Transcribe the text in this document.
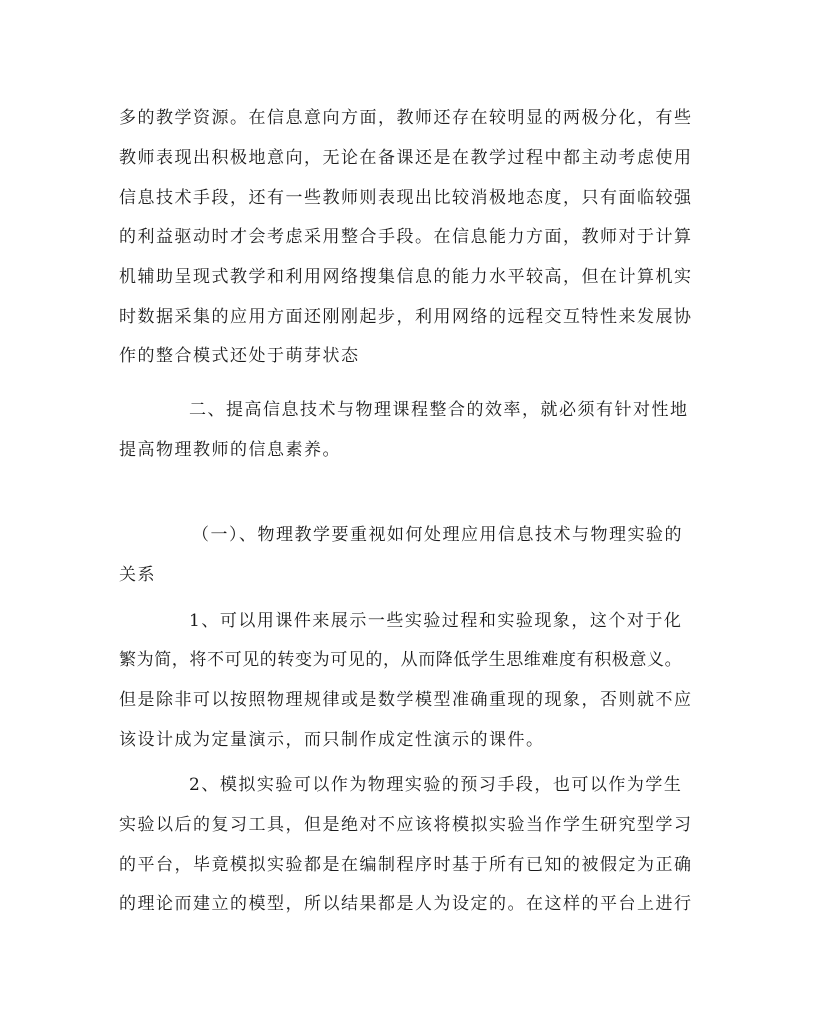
多的教学资源。在信息意向方面，教师还存在较明显的两极分化，有些
教师表现出积极地意向，无论在备课还是在教学过程中都主动考虑使用
信息技术手段，还有一些教师则表现出比较消极地态度，只有面临较强
的利益驱动时才会考虑采用整合手段。在信息能力方面，教师对于计算
机辅助呈现式教学和利用网络搜集信息的能力水平较高，但在计算机实
时数据采集的应用方面还刚刚起步，利用网络的远程交互特性来发展协
作的整合模式还处于萌芽状态
二、提高信息技术与物理课程整合的效率，就必须有针对性地
提高物理教师的信息素养。
（一）、物理教学要重视如何处理应用信息技术与物理实验的
关系
1、可以用课件来展示一些实验过程和实验现象，这个对于化
繁为简，将不可见的转变为可见的，从而降低学生思维难度有积极意义。
但是除非可以按照物理规律或是数学模型准确重现的现象，否则就不应
该设计成为定量演示，而只制作成定性演示的课件。
2、模拟实验可以作为物理实验的预习手段，也可以作为学生
实验以后的复习工具，但是绝对不应该将模拟实验当作学生研究型学习
的平台，毕竟模拟实验都是在编制程序时基于所有已知的被假定为正确
的理论而建立的模型，所以结果都是人为设定的。在这样的平台上进行
